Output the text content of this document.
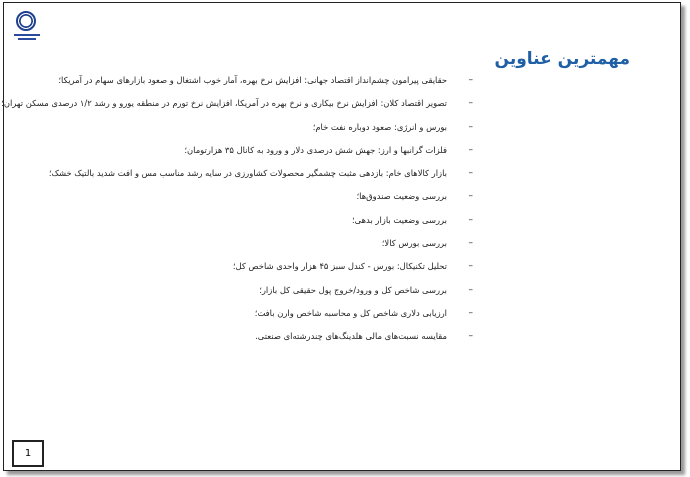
مهمترین عناوین
–
حقایقی پیرامون چشم‌انداز اقتصاد جهانی: افزایش نرخ بهره، آمار خوب اشتغال و صعود بازارهای سهام در آمریکا؛
–
تصویر اقتصاد کلان: افزایش نرخ بیکاری و نرخ بهره در آمریکا، افزایش نرخ تورم در منطقه یورو و رشد ۱/۲ درصدی مسکن تهران؛
–
بورس و انرژی: صعود دوباره نفت خام؛
–
فلزات گرانبها و ارز: جهش شش درصدی دلار و ورود به کانال ۳۵ هزارتومان؛
–
بازار کالاهای خام: بازدهی مثبت چشمگیر محصولات کشاورزی در سایه رشد مناسب مس و افت شدید بالتیک خشک؛
–
بررسی وضعیت صندوق‌ها؛
–
بررسی وضعیت بازار بدهی؛
–
بررسی بورس کالا؛
–
تحلیل تکنیکال: بورس - کندل سبز ۴۵ هزار واحدی شاخص کل؛
–
بررسی شاخص کل و ورود/خروج پول حقیقی کل بازار؛
–
ارزیابی دلاری شاخص کل و محاسبه شاخص وارن بافت؛
–
مقایسه نسبت‌های مالی هلدینگ‌های چندرشته‌ای صنعتی.
1
